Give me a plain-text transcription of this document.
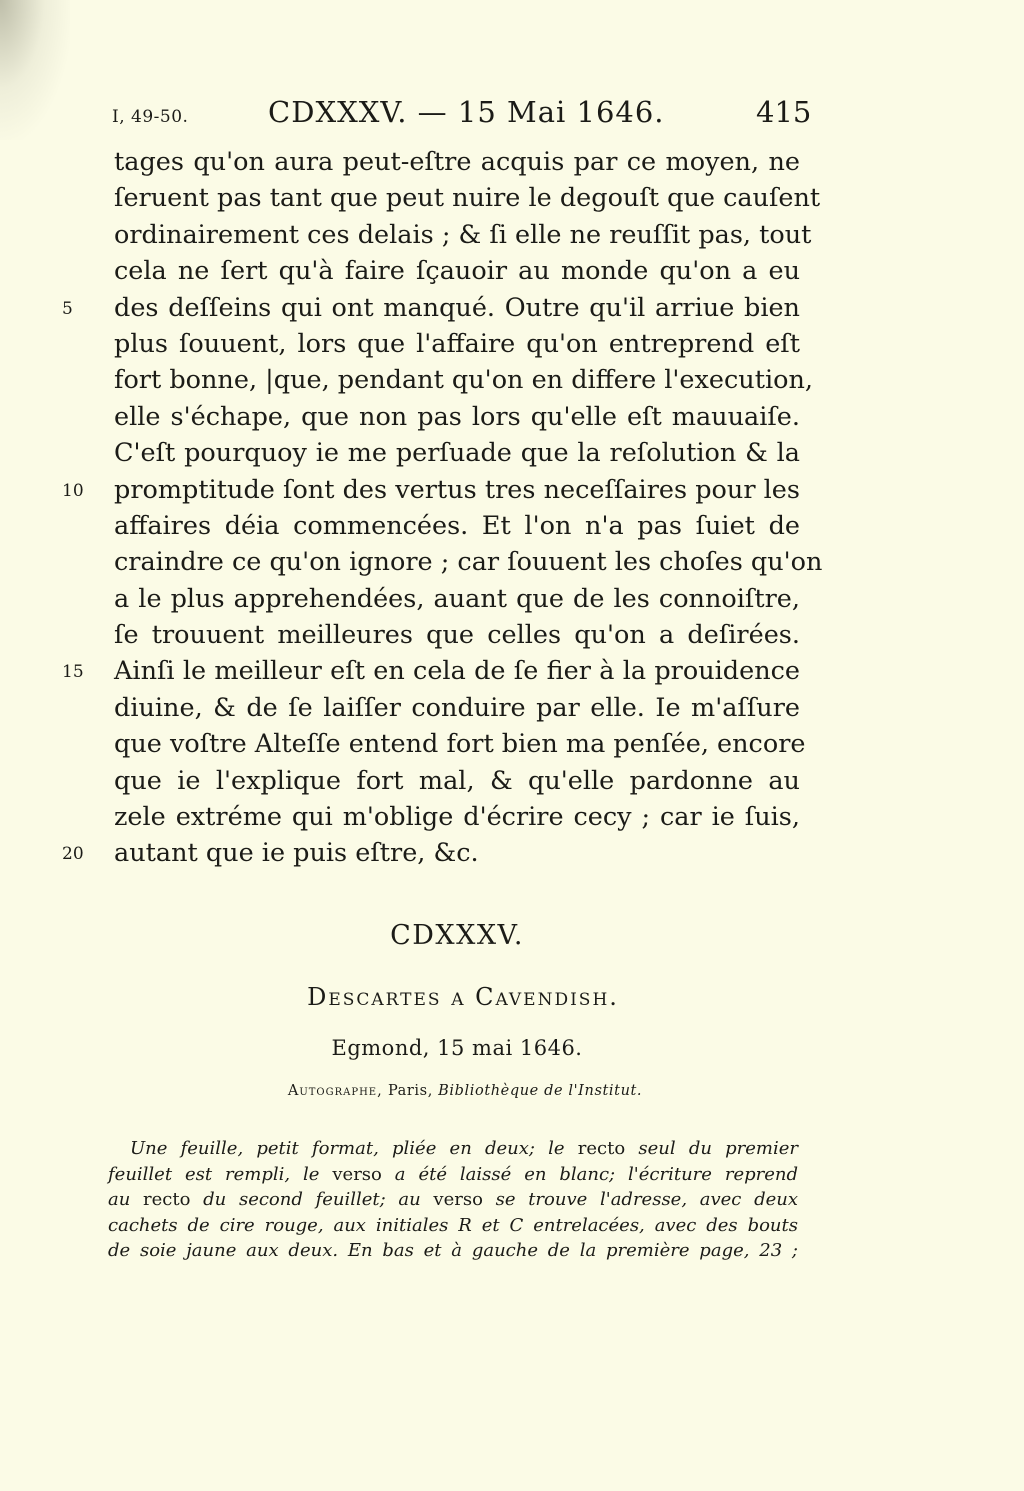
I, 49-50.	CDXXXV. — 15 Mai 1646.	415
tages qu'on aura peut-eſtre acquis par ce moyen, ne
ſeruent pas tant que peut nuire le degouſt que cauſent
ordinairement ces delais ; & ſi elle ne reuſſit pas, tout
cela ne ſert qu'à faire ſçauoir au monde qu'on a eu
5	des deſſeins qui ont manqué. Outre qu'il arriue bien
plus ſouuent, lors que l'affaire qu'on entreprend eſt
fort bonne, |que, pendant qu'on en differe l'execution,
elle s'échape, que non pas lors qu'elle eſt mauuaiſe.
C'eſt pourquoy ie me perſuade que la reſolution & la
10	promptitude ſont des vertus tres neceſſaires pour les
affaires déia commencées. Et l'on n'a pas ſuiet de
craindre ce qu'on ignore ; car ſouuent les choſes qu'on
a le plus apprehendées, auant que de les connoiſtre,
ſe trouuent meilleures que celles qu'on a deſirées.
15	Ainſi le meilleur eſt en cela de ſe fier à la prouidence
diuine, & de ſe laiſſer conduire par elle. Ie m'aſſure
que voſtre Alteſſe entend fort bien ma penſée, encore
que ie l'explique fort mal, & qu'elle pardonne au
zele extréme qui m'oblige d'écrire cecy ; car ie ſuis,
20	autant que ie puis eſtre, &c.
CDXXXV.
Descartes a Cavendish.
Egmond, 15 mai 1646.
Autographe, Paris, Bibliothèque de l'Institut.
Une feuille, petit format, pliée en deux; le recto seul du premier
feuillet est rempli, le verso a été laissé en blanc; l'écriture reprend
au recto du second feuillet; au verso se trouve l'adresse, avec deux
cachets de cire rouge, aux initiales R et C entrelacées, avec des bouts
de soie jaune aux deux. En bas et à gauche de la première page, 23 ;
